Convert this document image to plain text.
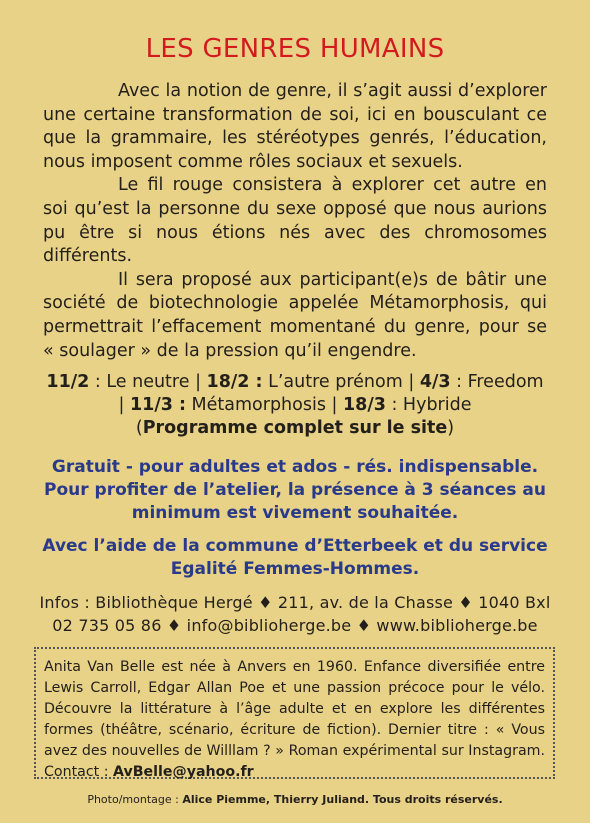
LES GENRES HUMAINS

Avec la notion de genre, il s’agit aussi d’explorer une certaine transformation de soi, ici en bousculant ce que la grammaire, les stéréotypes genrés, l’éducation, nous imposent comme rôles sociaux et sexuels.

Le fil rouge consistera à explorer cet autre en soi qu’est la personne du sexe opposé que nous aurions pu être si nous étions nés avec des chromosomes différents.

Il sera proposé aux participant(e)s de bâtir une société de biotechnologie appelée Métamorphosis, qui permettrait l’effacement momentané du genre, pour se « soulager » de la pression qu’il engendre.

11/2 : Le neutre | 18/2 : L’autre prénom | 4/3 : Freedom | 11/3 : Métamorphosis | 18/3 : Hybride
(Programme complet sur le site)
Gratuit - pour adultes et ados - rés. indispensable.
Pour profiter de l’atelier, la présence à 3 séances au minimum est vivement souhaitée.
Avec l’aide de la commune d’Etterbeek et du service Egalité Femmes-Hommes.
Infos : Bibliothèque Hergé ♦ 211, av. de la Chasse ♦ 1040 Bxl
02 735 05 86 ♦ info@biblioherge.be ♦ www.biblioherge.be
Anita Van Belle est née à Anvers en 1960. Enfance diversifiée entre Lewis Carroll, Edgar Allan Poe et une passion précoce pour le vélo. Découvre la littérature à l’âge adulte et en explore les différentes formes (théâtre, scénario, écriture de fiction). Dernier titre : « Vous avez des nouvelles de Willlam ? » Roman expérimental sur Instagram. Contact : AvBelle@yahoo.fr
Photo/montage : Alice Piemme, Thierry Juliand. Tous droits réservés.
